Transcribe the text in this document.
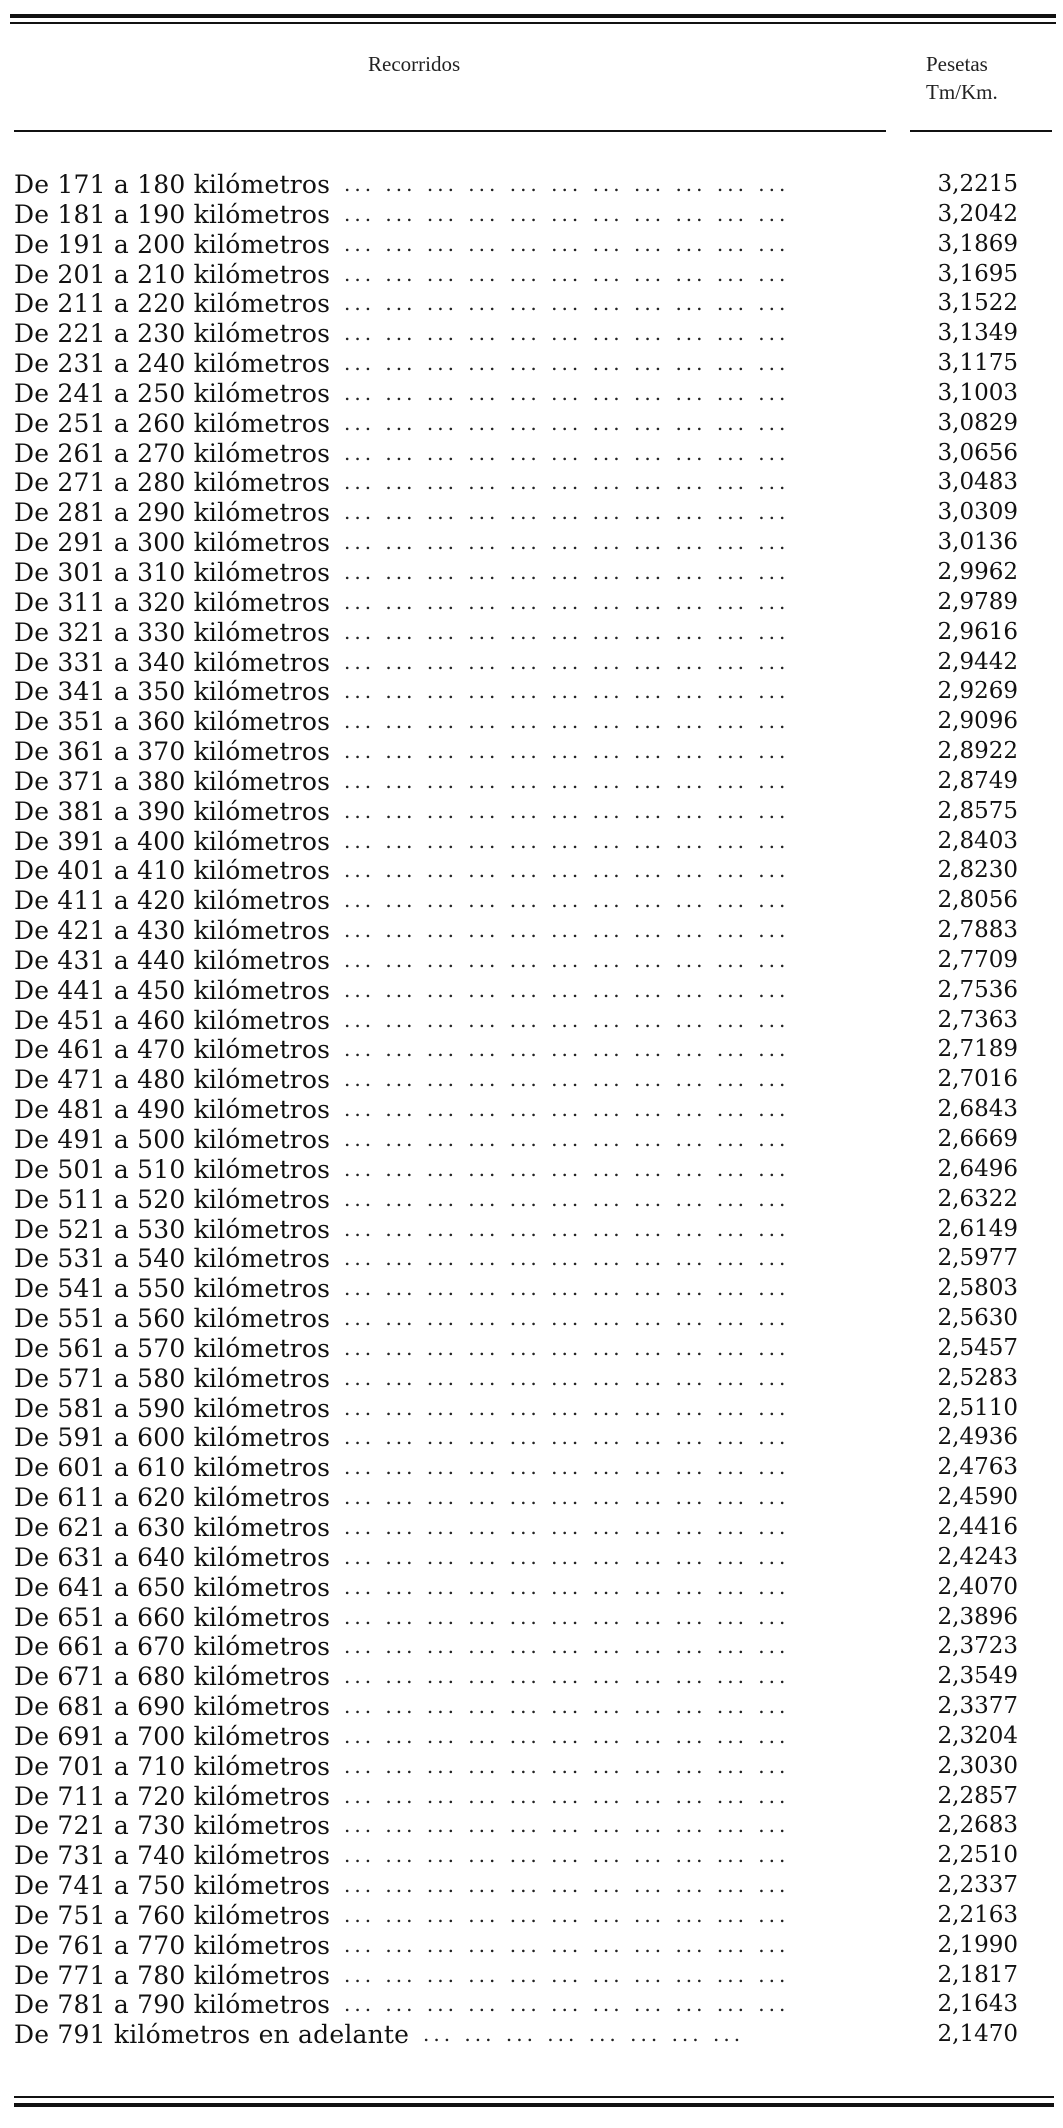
Recorridos	Pesetas
Tm/Km.
De 171 a 180 kilómetros ... ... ... ... ... ... ... ... ... ... ...	3,2215
De 181 a 190 kilómetros ... ... ... ... ... ... ... ... ... ... ...	3,2042
De 191 a 200 kilómetros ... ... ... ... ... ... ... ... ... ... ...	3,1869
De 201 a 210 kilómetros ... ... ... ... ... ... ... ... ... ... ...	3,1695
De 211 a 220 kilómetros ... ... ... ... ... ... ... ... ... ... ...	3,1522
De 221 a 230 kilómetros ... ... ... ... ... ... ... ... ... ... ...	3,1349
De 231 a 240 kilómetros ... ... ... ... ... ... ... ... ... ... ...	3,1175
De 241 a 250 kilómetros ... ... ... ... ... ... ... ... ... ... ...	3,1003
De 251 a 260 kilómetros ... ... ... ... ... ... ... ... ... ... ...	3,0829
De 261 a 270 kilómetros ... ... ... ... ... ... ... ... ... ... ...	3,0656
De 271 a 280 kilómetros ... ... ... ... ... ... ... ... ... ... ...	3,0483
De 281 a 290 kilómetros ... ... ... ... ... ... ... ... ... ... ...	3,0309
De 291 a 300 kilómetros ... ... ... ... ... ... ... ... ... ... ...	3,0136
De 301 a 310 kilómetros ... ... ... ... ... ... ... ... ... ... ...	2,9962
De 311 a 320 kilómetros ... ... ... ... ... ... ... ... ... ... ...	2,9789
De 321 a 330 kilómetros ... ... ... ... ... ... ... ... ... ... ...	2,9616
De 331 a 340 kilómetros ... ... ... ... ... ... ... ... ... ... ...	2,9442
De 341 a 350 kilómetros ... ... ... ... ... ... ... ... ... ... ...	2,9269
De 351 a 360 kilómetros ... ... ... ... ... ... ... ... ... ... ...	2,9096
De 361 a 370 kilómetros ... ... ... ... ... ... ... ... ... ... ...	2,8922
De 371 a 380 kilómetros ... ... ... ... ... ... ... ... ... ... ...	2,8749
De 381 a 390 kilómetros ... ... ... ... ... ... ... ... ... ... ...	2,8575
De 391 a 400 kilómetros ... ... ... ... ... ... ... ... ... ... ...	2,8403
De 401 a 410 kilómetros ... ... ... ... ... ... ... ... ... ... ...	2,8230
De 411 a 420 kilómetros ... ... ... ... ... ... ... ... ... ... ...	2,8056
De 421 a 430 kilómetros ... ... ... ... ... ... ... ... ... ... ...	2,7883
De 431 a 440 kilómetros ... ... ... ... ... ... ... ... ... ... ...	2,7709
De 441 a 450 kilómetros ... ... ... ... ... ... ... ... ... ... ...	2,7536
De 451 a 460 kilómetros ... ... ... ... ... ... ... ... ... ... ...	2,7363
De 461 a 470 kilómetros ... ... ... ... ... ... ... ... ... ... ...	2,7189
De 471 a 480 kilómetros ... ... ... ... ... ... ... ... ... ... ...	2,7016
De 481 a 490 kilómetros ... ... ... ... ... ... ... ... ... ... ...	2,6843
De 491 a 500 kilómetros ... ... ... ... ... ... ... ... ... ... ...	2,6669
De 501 a 510 kilómetros ... ... ... ... ... ... ... ... ... ... ...	2,6496
De 511 a 520 kilómetros ... ... ... ... ... ... ... ... ... ... ...	2,6322
De 521 a 530 kilómetros ... ... ... ... ... ... ... ... ... ... ...	2,6149
De 531 a 540 kilómetros ... ... ... ... ... ... ... ... ... ... ...	2,5977
De 541 a 550 kilómetros ... ... ... ... ... ... ... ... ... ... ...	2,5803
De 551 a 560 kilómetros ... ... ... ... ... ... ... ... ... ... ...	2,5630
De 561 a 570 kilómetros ... ... ... ... ... ... ... ... ... ... ...	2,5457
De 571 a 580 kilómetros ... ... ... ... ... ... ... ... ... ... ...	2,5283
De 581 a 590 kilómetros ... ... ... ... ... ... ... ... ... ... ...	2,5110
De 591 a 600 kilómetros ... ... ... ... ... ... ... ... ... ... ...	2,4936
De 601 a 610 kilómetros ... ... ... ... ... ... ... ... ... ... ...	2,4763
De 611 a 620 kilómetros ... ... ... ... ... ... ... ... ... ... ...	2,4590
De 621 a 630 kilómetros ... ... ... ... ... ... ... ... ... ... ...	2,4416
De 631 a 640 kilómetros ... ... ... ... ... ... ... ... ... ... ...	2,4243
De 641 a 650 kilómetros ... ... ... ... ... ... ... ... ... ... ...	2,4070
De 651 a 660 kilómetros ... ... ... ... ... ... ... ... ... ... ...	2,3896
De 661 a 670 kilómetros ... ... ... ... ... ... ... ... ... ... ...	2,3723
De 671 a 680 kilómetros ... ... ... ... ... ... ... ... ... ... ...	2,3549
De 681 a 690 kilómetros ... ... ... ... ... ... ... ... ... ... ...	2,3377
De 691 a 700 kilómetros ... ... ... ... ... ... ... ... ... ... ...	2,3204
De 701 a 710 kilómetros ... ... ... ... ... ... ... ... ... ... ...	2,3030
De 711 a 720 kilómetros ... ... ... ... ... ... ... ... ... ... ...	2,2857
De 721 a 730 kilómetros ... ... ... ... ... ... ... ... ... ... ...	2,2683
De 731 a 740 kilómetros ... ... ... ... ... ... ... ... ... ... ...	2,2510
De 741 a 750 kilómetros ... ... ... ... ... ... ... ... ... ... ...	2,2337
De 751 a 760 kilómetros ... ... ... ... ... ... ... ... ... ... ...	2,2163
De 761 a 770 kilómetros ... ... ... ... ... ... ... ... ... ... ...	2,1990
De 771 a 780 kilómetros ... ... ... ... ... ... ... ... ... ... ...	2,1817
De 781 a 790 kilómetros ... ... ... ... ... ... ... ... ... ... ...	2,1643
De 791 kilómetros en adelante ... ... ... ... ... ... ... ...	2,1470
